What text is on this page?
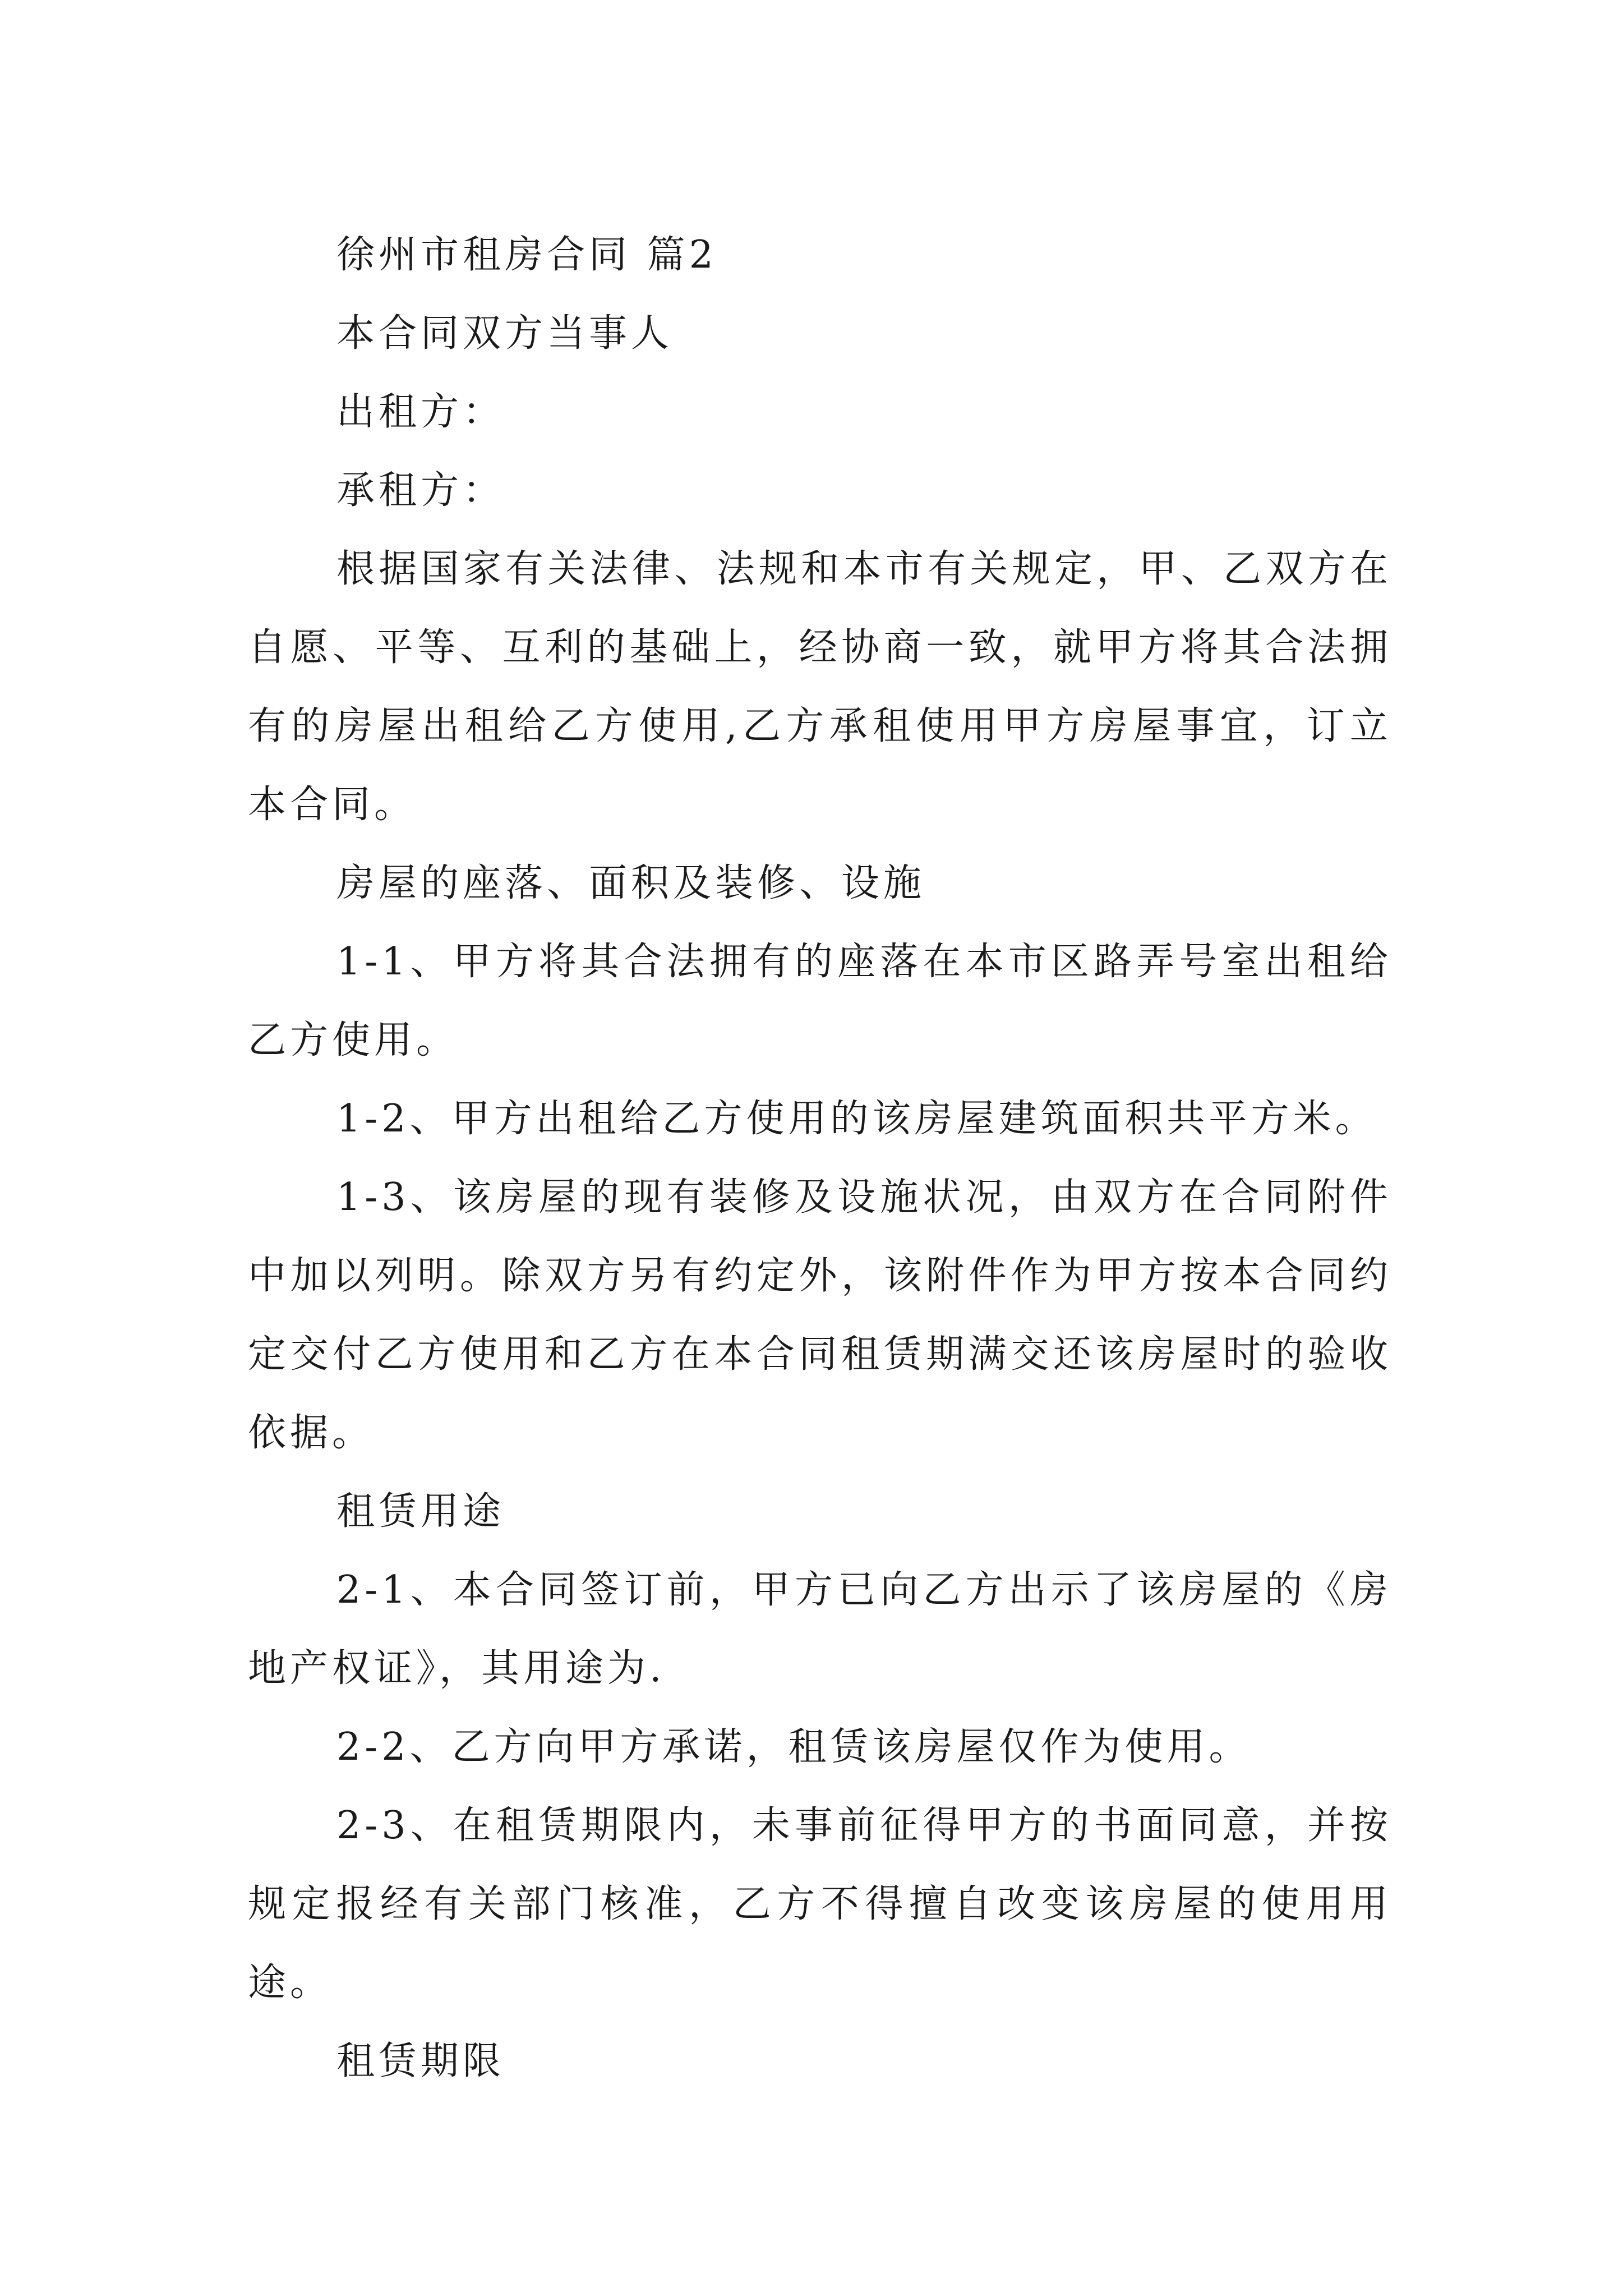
徐州市租房合同 篇2

本合同双方当事人

出租方：

承租方：

根据国家有关法律、法规和本市有关规定，甲、乙双方在自愿、平等、互利的基础上，经协商一致，就甲方将其合法拥有的房屋出租给乙方使用,乙方承租使用甲方房屋事宜，订立本合同。

房屋的座落、面积及装修、设施

1-1、甲方将其合法拥有的座落在本市区路弄号室出租给乙方使用。

1-2、甲方出租给乙方使用的该房屋建筑面积共平方米。

1-3、该房屋的现有装修及设施状况，由双方在合同附件中加以列明。除双方另有约定外，该附件作为甲方按本合同约定交付乙方使用和乙方在本合同租赁期满交还该房屋时的验收依据。

租赁用途

2-1、本合同签订前，甲方已向乙方出示了该房屋的《房地产权证》，其用途为.

2-2、乙方向甲方承诺，租赁该房屋仅作为使用。

2-3、在租赁期限内，未事前征得甲方的书面同意，并按规定报经有关部门核准，乙方不得擅自改变该房屋的使用用途。

租赁期限
